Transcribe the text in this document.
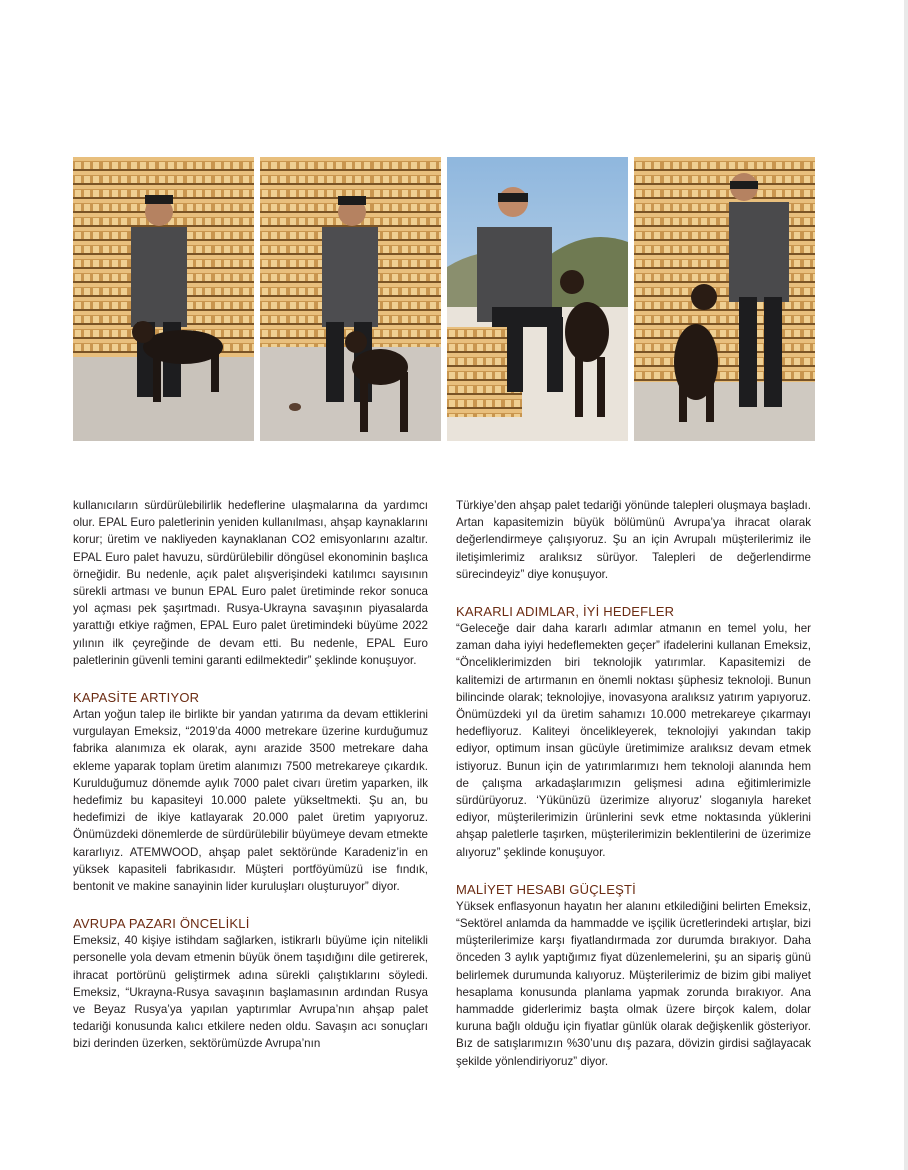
kullanıcıların sürdürülebilirlik hedeflerine ulaşmalarına da yardımcı olur. EPAL Euro paletlerinin yeniden kullanılması, ahşap kaynaklarını korur; üretim ve nakliyeden kaynaklanan CO2 emisyonlarını azaltır. EPAL Euro palet havuzu, sürdürülebilir döngüsel ekonominin başlıca örneğidir. Bu nedenle, açık palet alışverişindeki katılımcı sayısının sürekli artması ve bunun EPAL Euro palet üretiminde rekor sonuca yol açması pek şaşırtmadı. Rusya-Ukrayna savaşının piyasalarda yarattığı etkiye rağmen, EPAL Euro palet üretimindeki büyüme 2022 yılının ilk çeyreğinde de devam etti. Bu nedenle, EPAL Euro paletlerinin güvenli temini garanti edilmektedir” şeklinde konuşuyor.

KAPASİTE ARTIYOR

Artan yoğun talep ile birlikte bir yandan yatırıma da devam ettiklerini vurgulayan Emeksiz, “2019’da 4000 metrekare üzerine kurduğumuz fabrika alanımıza ek olarak, aynı arazide 3500 metrekare daha ekleme yaparak toplam üretim alanımızı 7500 metrekareye çıkardık. Kurulduğumuz dönemde aylık 7000 palet civarı üretim yaparken, ilk hedefimiz bu kapasiteyi 10.000 palete yükseltmekti. Şu an, bu hedefimizi de ikiye katlayarak 20.000 palet üretim yapıyoruz. Önümüzdeki dönemlerde de sürdürülebilir büyümeye devam etmekte kararlıyız. ATEMWOOD, ahşap palet sektöründe Karadeniz’in en yüksek kapasiteli fabrikasıdır. Müşteri portföyümüzü ise fındık, bentonit ve makine sanayinin lider kuruluşları oluşturuyor” diyor.

AVRUPA PAZARI ÖNCELİKLİ

Emeksiz, 40 kişiye istihdam sağlarken, istikrarlı büyüme için nitelikli personelle yola devam etmenin büyük önem taşıdığını dile getirerek, ihracat portörünü geliştirmek adına sürekli çalıştıklarını söyledi. Emeksiz, “Ukrayna-Rusya savaşının başlamasının ardından Rusya ve Beyaz Rusya’ya yapılan yaptırımlar Avrupa’nın ahşap palet tedariği konusunda kalıcı etkilere neden oldu. Savaşın acı sonuçları bizi derinden üzerken, sektörümüzde Avrupa’nın

Türkiye’den ahşap palet tedariği yönünde talepleri oluşmaya başladı. Artan kapasitemizin büyük bölümünü Avrupa’ya ihracat olarak değerlendirmeye çalışıyoruz. Şu an için Avrupalı müşterilerimiz ile iletişimlerimiz aralıksız sürüyor. Talepleri de değerlendirme sürecindeyiz” diye konuşuyor.

KARARLI ADIMLAR, İYİ HEDEFLER

“Geleceğe dair daha kararlı adımlar atmanın en temel yolu, her zaman daha iyiyi hedeflemekten geçer” ifadelerini kullanan Emeksiz, “Önceliklerimizden biri teknolojik yatırımlar. Kapasitemizi de kalitemizi de artırmanın en önemli noktası şüphesiz teknoloji. Bunun bilincinde olarak; teknolojiye, inovasyona aralıksız yatırım yapıyoruz. Önümüzdeki yıl da üretim sahamızı 10.000 metrekareye çıkarmayı hedefliyoruz. Kaliteyi öncelikleyerek, teknolojiyi yakından takip ediyor, optimum insan gücüyle üretimimize aralıksız devam etmek istiyoruz. Bunun için de yatırımlarımızı hem teknoloji alanında hem de çalışma arkadaşlarımızın gelişmesi adına eğitimlerimizle sürdürüyoruz. ‘Yükünüzü üzerimize alıyoruz’ sloganıyla hareket ediyor, müşterilerimizin ürünlerini sevk etme noktasında yüklerini ahşap paletlerle taşırken, müşterilerimizin beklentilerini de üzerimize alıyoruz” şeklinde konuşuyor.

MALİYET HESABI GÜÇLEŞTİ

Yüksek enflasyonun hayatın her alanını etkilediğini belirten Emeksiz, “Sektörel anlamda da hammadde ve işçilik ücretlerindeki artışlar, bizi müşterilerimize karşı fiyatlandırmada zor durumda bırakıyor. Daha önceden 3 aylık yaptığımız fiyat düzenlemelerini, şu an sipariş günü belirlemek durumunda kalıyoruz. Müşterilerimiz de bizim gibi maliyet hesaplama konusunda planlama yapmak zorunda bırakıyor. Ana hammadde giderlerimiz başta olmak üzere birçok kalem, dolar kuruna bağlı olduğu için fiyatlar günlük olarak değişkenlik gösteriyor. Bız de satışlarımızın %30’unu dış pazara, dövizin girdisi sağlayacak şekilde yönlendiriyoruz” diyor.
